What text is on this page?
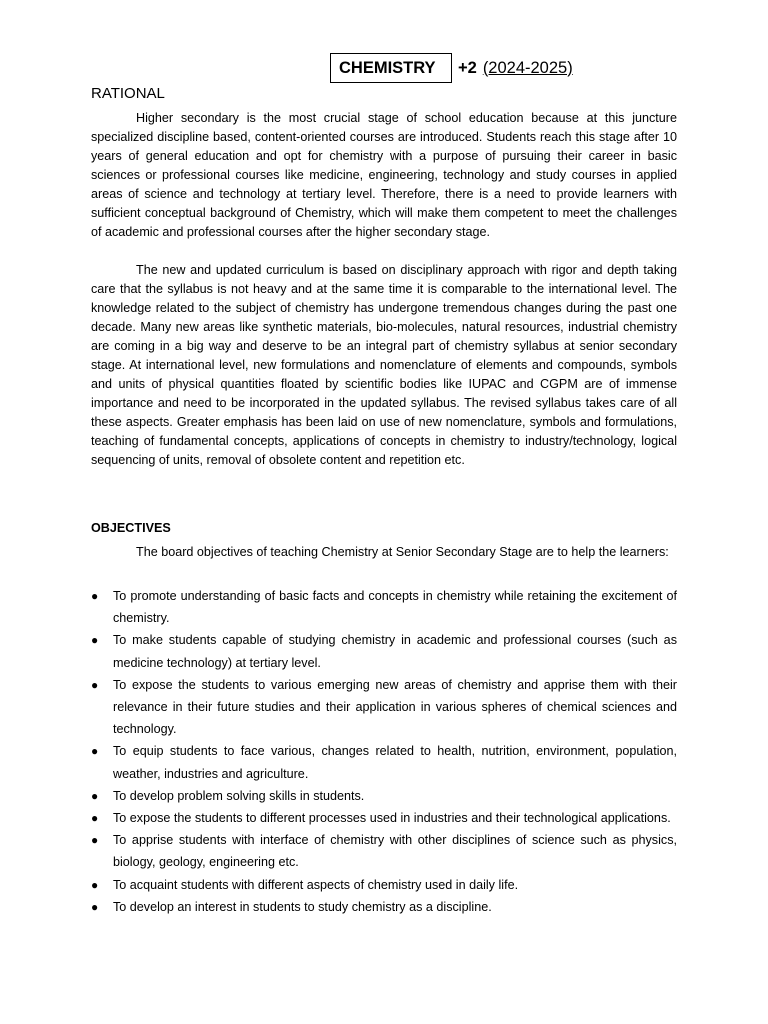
CHEMISTRY +2 (2024-2025)
RATIONAL

Higher secondary is the most crucial stage of school education because at this juncture specialized discipline based, content-oriented courses are introduced. Students reach this stage after 10 years of general education and opt for chemistry with a purpose of pursuing their career in basic sciences or professional courses like medicine, engineering, technology and study courses in applied areas of science and technology at tertiary level. Therefore, there is a need to provide learners with sufficient conceptual background of Chemistry, which will make them competent to meet the challenges of academic and professional courses after the higher secondary stage.

The new and updated curriculum is based on disciplinary approach with rigor and depth taking care that the syllabus is not heavy and at the same time it is comparable to the international level. The knowledge related to the subject of chemistry has undergone tremendous changes during the past one decade. Many new areas like synthetic materials, bio-molecules, natural resources, industrial chemistry are coming in a big way and deserve to be an integral part of chemistry syllabus at senior secondary stage. At international level, new formulations and nomenclature of elements and compounds, symbols and units of physical quantities floated by scientific bodies like IUPAC and CGPM are of immense importance and need to be incorporated in the updated syllabus. The revised syllabus takes care of all these aspects. Greater emphasis has been laid on use of new nomenclature, symbols and formulations, teaching of fundamental concepts, applications of concepts in chemistry to industry/technology, logical sequencing of units, removal of obsolete content and repetition etc.

OBJECTIVES

The board objectives of teaching Chemistry at Senior Secondary Stage are to help the learners:

● To promote understanding of basic facts and concepts in chemistry while retaining the excitement of chemistry.
● To make students capable of studying chemistry in academic and professional courses (such as medicine technology) at tertiary level.
● To expose the students to various emerging new areas of chemistry and apprise them with their relevance in their future studies and their application in various spheres of chemical sciences and technology.
● To equip students to face various, changes related to health, nutrition, environment, population, weather, industries and agriculture.
● To develop problem solving skills in students.
● To expose the students to different processes used in industries and their technological applications.
● To apprise students with interface of chemistry with other disciplines of science such as physics, biology, geology, engineering etc.
● To acquaint students with different aspects of chemistry used in daily life.
● To develop an interest in students to study chemistry as a discipline.
